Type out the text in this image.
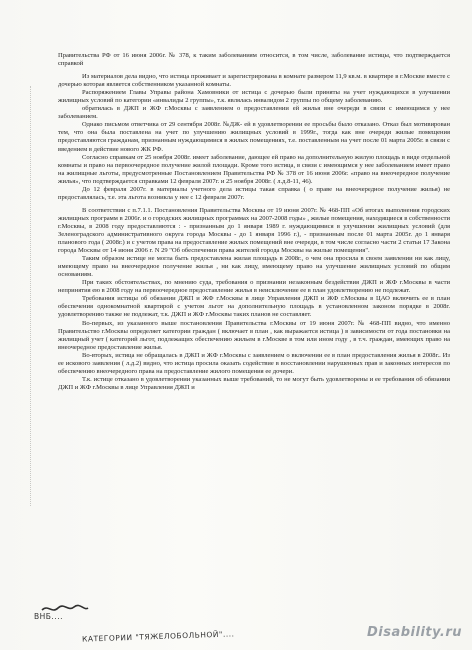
Правительства РФ от 16 июня 2006г. № 378, к таким заболеваниям относится, в том числе, заболевание истицы, что подтверждается справкой

Из материалов дела видно, что истица проживает и зарегистрирована в комнате размером 11,9 кв.м. в квартире в г.Москве вместе с дочерью которая является собственником указанной комнаты.

Распоряжением Главы Управы района Хамовники от истица с дочерью были приняты на учет нуждающихся в улучшении жилищных условий по категории «инвалиды 2 группы», т.к. являлась инвалидом 2 группы по общему заболеванию.

обратилась в ДЖП и ЖФ г.Москвы с заявлением о предоставлении ей жилья вне очереди в связи с имеющимся у нее заболеванием.

Однако письмом ответчика от 29 сентября 2008г. №ДЖ- ей в удовлетворении ее просьбы было отказано. Отказ был мотивирован тем, что она была поставлена на учет по улучшению жилищных условий в 1999г., тогда как вне очереди жилые помещения предоставляются гражданам, признанным нуждающимися в жилых помещениях, т.е. поставленным на учет после 01 марта 2005г. в связи с введением в действие нового ЖК РФ.

Согласно справкам от 25 ноября 2008г. имеет заболевание, дающее ей право на дополнительную жилую площадь в виде отдельной комнаты и право на первоочередное получение жилой площади. Кроме того истица, в связи с имеющимся у нее заболеванием имеет право на жилищные льготы, предусмотренные Постановлением Правительства РФ № 378 от 16 июня 2006г. «право на внеочередное получение жилья», что подтверждается справками 12 февраля 2007г. и 25 ноября 2008г. ( л.д.8-11, 46).

До 12 февраля 2007г. в материалы учетного дела истицы такая справка ( о праве на внеочередное получение жилья) не предоставлялась, т.е. эта льгота возникла у нее с 12 февраля 2007г.

В соответствии с п.7.1.1. Постановления Правительства Москвы от 19 июня 2007г. № 468-ПП «Об итогах выполнения городских жилищных программ в 2006г. и о городских жилищных программах на 2007-2008 годы» , жилые помещения, находящиеся в собственности г.Москвы, в 2008 году предоставляются : - признанным до 1 января 1989 г. нуждающимися в улучшении жилищных условий (для Зеленоградского административного округа города Москвы - до 1 января 1996 г.), - признанным после 01 марта 2005г. до 1 января планового года ( 2008г.) и с учетом права на предоставление жилых помещений вне очереди, в том числе согласно части 2 статьи 17 Закона города Москвы от 14 июня 2006 г. N 29 "Об обеспечении права жителей города Москвы на жилые помещения".

Таким образом истице не могла быть предоставлена жилая площадь в 2008г., о чем она просила в своем заявлении ни как лицу, имеющему право на внеочередное получение жилья , ни как лицу, имеющему право на улучшение жилищных условий по общим основаниям.

При таких обстоятельствах, по мнению суда, требования о признании незаконным бездействия ДЖП и ЖФ г.Москвы в части непринятия ею в 2008 году на первоочередное предоставление жилья в неисключение ее в план удовлетворению не подлежат.

Требования истицы об обязании ДЖП и ЖФ г.Москвы в лице Управления ДЖП и ЖФ г.Москвы в ЦАО включить ее в план обеспечения однокомнатной квартирой с учетом льгот на дополнительную площадь в установленном законом порядке в 2008г. удовлетворению также не подлежат, т.к. ДЖП и ЖФ г.Москвы таких планов не составляет.

Во-первых, из указанного выше постановления Правительства г.Москвы от 19 июня 2007г. № 468-ПП видно, что именно Правительство г.Москвы определяет категории граждан ( включает в план , как выражается истица ) в зависимости от года постановки на жилищный учет ( категорий льгот, подлежащих обеспечению жильем в г.Москве в том или ином году , в т.ч. граждан, имеющих право на внеочередное предоставление жилья.

Во-вторых, истица не обращалась в ДЖП и ЖФ г.Москвы с заявлением о включении ее в план предоставления жилья в 2008г.. Из ее искового заявления ( л.д.2) видно, что истица просила оказать содействие в восстановлении нарушенных прав и законных интересов по обеспечению внеочередного права на предоставление жилого помещения ее дочери.

Т.к. истице отказано в удовлетворении указанных выше требований, то не могут быть удовлетворены и ее требования об обязании ДЖП и ЖФ г.Москвы в лице Управления ДЖП и

ВНБ....
КАТЕГОРИИ "ТЯЖЕЛОБОЛЬНОЙ"....	Disability.ru
